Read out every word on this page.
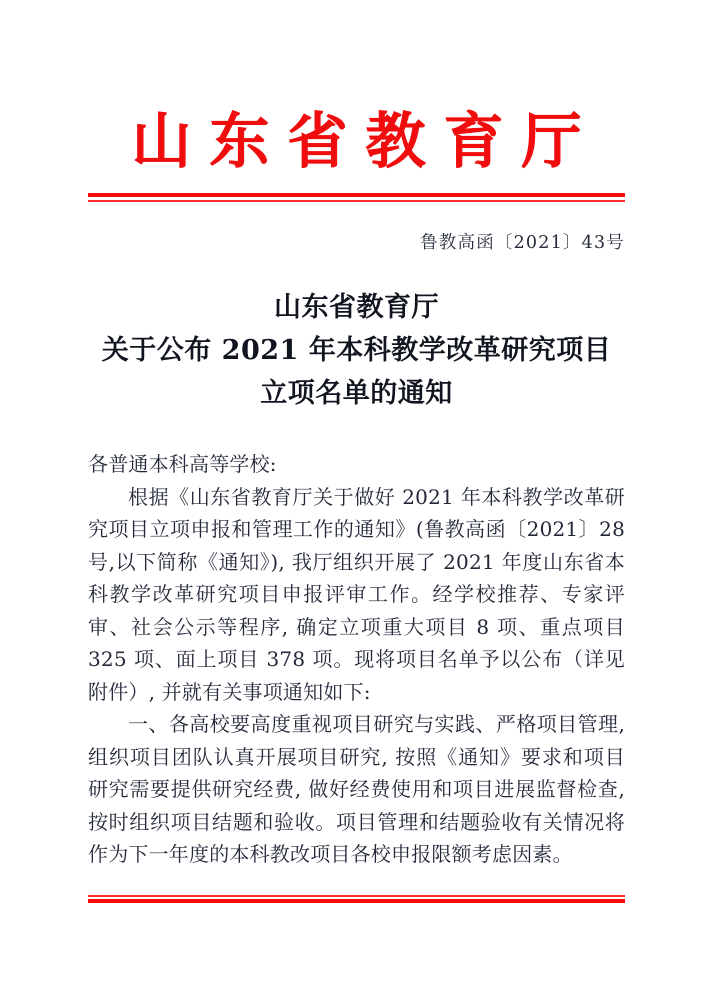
山东省教育厅
鲁教高函〔2021〕43号
山东省教育厅
关于公布 2021 年本科教学改革研究项目
立项名单的通知
各普通本科高等学校:

根据《山东省教育厅关于做好 2021 年本科教学改革研究项目立项申报和管理工作的通知》(鲁教高函〔2021〕28 号,以下简称《通知》), 我厅组织开展了 2021 年度山东省本科教学改革研究项目申报评审工作。经学校推荐、专家评审、社会公示等程序, 确定立项重大项目 8 项、重点项目 325 项、面上项目 378 项。现将项目名单予以公布（详见附件）, 并就有关事项通知如下:

一、各高校要高度重视项目研究与实践、严格项目管理, 组织项目团队认真开展项目研究, 按照《通知》要求和项目研究需要提供研究经费, 做好经费使用和项目进展监督检查, 按时组织项目结题和验收。项目管理和结题验收有关情况将作为下一年度的本科教改项目各校申报限额考虑因素。
